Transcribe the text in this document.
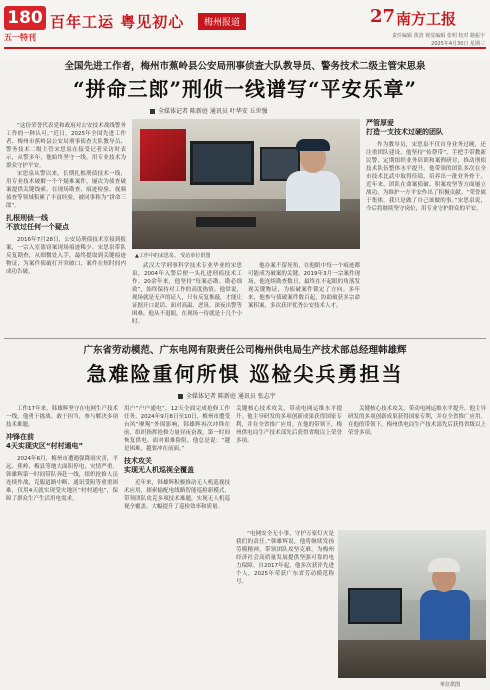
180
五一特刊
百年工运 粤见初心	梅州报道	27 南方工报
责任编辑 黄清 视觉编辑 张明 校对 路振宇
2025年4月30日 星期三
全国先进工作者，梅州市蕉岭县公安局刑事侦查大队教导员、警务技术二级主管宋思泉
“拼命三郎”刑侦一线谱写“平安乐章”
全媒体记者 陈新庭 通讯员 叶华安 丘世强

“这份荣誉代表党和政府对公安技术战线警务工作的一种认可。”近日，2025年全国先进工作者、梅州市蕉岭县公安局刑事侦查大队教导员、警务技术二级主管宋思泉在接受记者采访时表示，从警多年，他始终坚守一线，用专业技术为群众守护平安。

宋思泉从警以来，长期扎根刑侦技术一线，用专业技术破解一个个疑难案件，屡次为侦查破案提供关键线索。在现场勘查、痕迹检验、视频侦查等领域积累了丰富经验，被同事称为“拼命三郎”。

扎根刑侦一线
不放过任何一个疑点

2016年7月28日，公安局刑侦技术室接到报案，一宗入室盗窃案现场痕迹稀少。宋思泉带队反复勘查，从细微处入手，最终提取到关键痕迹物证，为案件侦破打开突破口，案件在短时间内成功告破。

▲工作中的宋思泉。 受访单位供图
武汉大学刑事科学技术专业毕业的宋思泉，2004年入警后便一头扎进刑侦技术工作。20余年来，他坚持“每案必勘、勘必细致”，始终保持对工作的高度热情。他常说，现场就是无声的证人，只有反复推敲，才能让证据开口说话。面对高温、恶臭、深夜出警等困难，他从不退缩，在现场一待就是十几个小时。
他办案不留死角，在他眼中每一个痕迹都可能成为破案的关键。2019年3月一宗案件现场，他连续勘查数日，最终在不起眼的角落发现关键物证，为侦破案件锁定了方向。多年来，他参与侦破案件数百起，协助破获多宗命案积案，多次获评优秀公安技术人才。
严管厚爱
打造一支技术过硬的团队
作为教导员，宋思泉不仅自身业务过硬，还注重团队建设。他坚持“传帮带”，手把手带教新民警，定期组织业务培训和案例研讨，推动刑侦技术队伍整体水平提升。他带领的团队多次在全市技术比武中取得佳绩，培养出一批业务骨干。近年来，团队在命案侦破、积案攻坚等方面屡立战功，为维护一方平安作出了积极贡献。“荣誉属于集体，我只是做了自己该做的事。”宋思泉说，今后将继续坚守岗位，用专业守护群众的平安。
广东省劳动模范、广东电网有限责任公司梅州供电局生产技术部总经理韩雄辉
急难险重何所惧 巡检尖兵勇担当
全媒体记者 陈新庭 通讯员 张志宇

工作17年来，韩雄辉坚守在电网生产技术一线，他勇于挑战、敢于担当，参与解决多项技术难题。

冲锋在前
4天实现灾区“村村通电”

2024年6月，梅州市遭遇强降雨灾害，平远、蕉岭、梅县等地大面积停电，灾情严重。韩雄辉第一时间带队奔赴一线，组织抢修人员连续作战，克服道路中断、通讯受阻等重重困难，仅用4天就实现受灾地区“村村通电”，保障了群众生产生活用电需求。

用户“户户通电”，12天全面完成抢修工作任务。2024年9月8日至10日，梅州市遭受台风“摩羯”外围影响，韩雄辉再次冲锋在前，组织指挥抢修力量昼夜奋战，第一时间恢复供电。面对艰难险阻，他总是说：“越是困难，越要冲在前面。”

技术攻关
实现无人机巡视全覆盖

近年来，韩雄辉积极推动无人机巡视技术应用，探索输配电线路智能巡检新模式，带领团队攻克多项技术难题，实现无人机巡视全覆盖，大幅提升了巡检效率和质量。

关键核心技术攻关，带动电网运维水平提升。他主导研发的多项创新成果获得国家专利，并在全省推广应用。在他的带领下，梅州供电局生产技术部先后获得省级以上荣誉多项。
“电网安全无小事，守护万家灯火是我们的责任。”韩雄辉说，他将继续发扬劳模精神，带领团队攻坚克难，为梅州经济社会高质量发展提供坚强可靠的电力保障。自2017年起，他多次获评先进个人，2025年荣获广东省劳动模范称号。
关键核心技术攻关，带动电网运维水平提升。他主导研发的多项创新成果获得国家专利，并在全省推广应用。在他的带领下，梅州供电局生产技术部先后获得省级以上荣誉多项。
单位供图
